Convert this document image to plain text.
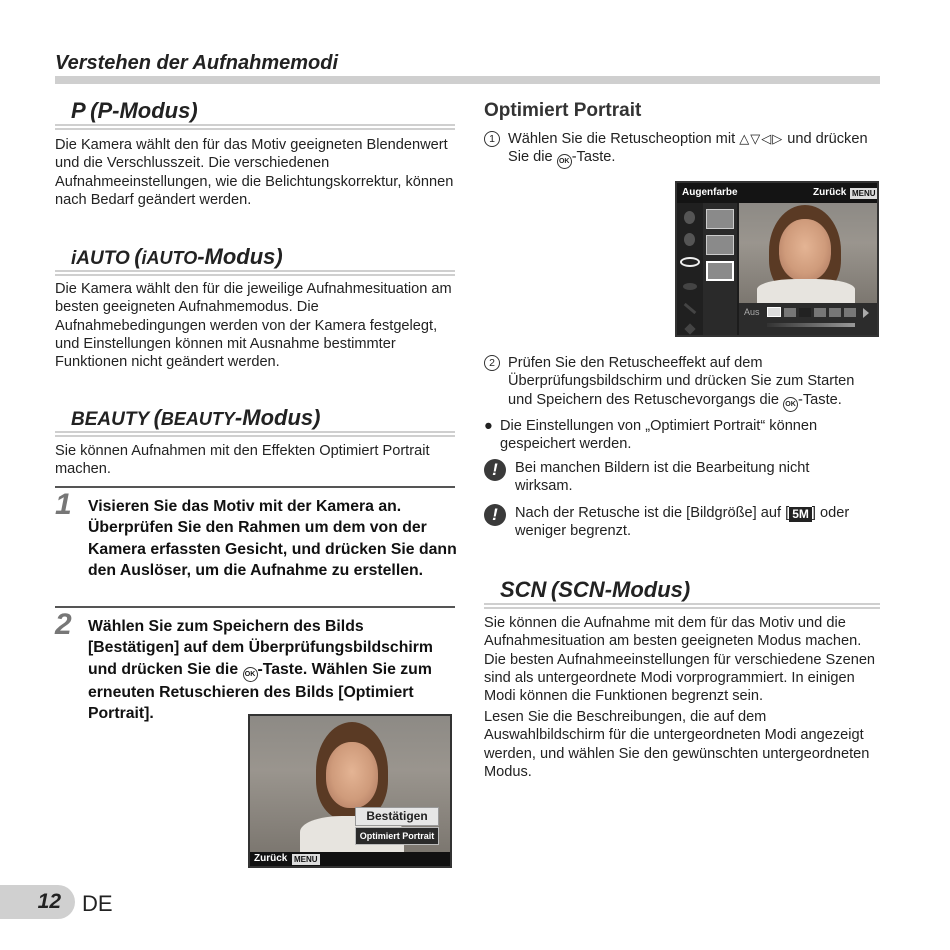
Verstehen der Aufnahmemodi
P (P-Modus)
Die Kamera wählt den für das Motiv geeigneten Blendenwert und die Verschlusszeit. Die verschiedenen Aufnahmeeinstellungen, wie die Belichtungskorrektur, können nach Bedarf geändert werden.
iAUTO (iAUTO-Modus)
Die Kamera wählt den für die jeweilige Aufnahmesituation am besten geeigneten Aufnahmemodus. Die Aufnahmebedingungen werden von der Kamera festgelegt, und Einstellungen können mit Ausnahme bestimmter Funktionen nicht geändert werden.
BEAUTY (BEAUTY-Modus)
Sie können Aufnahmen mit den Effekten Optimiert Portrait machen.
1 Visieren Sie das Motiv mit der Kamera an. Überprüfen Sie den Rahmen um dem von der Kamera erfassten Gesicht, und drücken Sie dann den Auslöser, um die Aufnahme zu erstellen.
2 Wählen Sie zum Speichern des Bilds [Bestätigen] auf dem Überprüfungsbildschirm und drücken Sie die OK -Taste. Wählen Sie zum erneuten Retuschieren des Bilds [Optimiert Portrait].
Bestätigen
Optimiert Portrait
Zurück MENU
Optimiert Portrait
1 Wählen Sie die Retuscheoption mit △▽◁▷ und drücken Sie die OK -Taste.
Augenfarbe	Zurück MENU
Aus
2 Prüfen Sie den Retuscheeffekt auf dem Überprüfungsbildschirm und drücken Sie zum Starten und Speichern des Retuschevorgangs die OK -Taste.
● Die Einstellungen von „Optimiert Portrait“ können gespeichert werden.
!	Bei manchen Bildern ist die Bearbeitung nicht wirksam.
!	Nach der Retusche ist die [Bildgröße] auf [ 5M ] oder weniger begrenzt.
SCN (SCN-Modus)
Sie können die Aufnahme mit dem für das Motiv und die Aufnahmesituation am besten geeigneten Modus machen. Die besten Aufnahmeeinstellungen für verschiedene Szenen sind als untergeordnete Modi vorprogrammiert. In einigen Modi können die Funktionen begrenzt sein.
Lesen Sie die Beschreibungen, die auf dem Auswahlbildschirm für die untergeordneten Modi angezeigt werden, und wählen Sie den gewünschten untergeordneten Modus.
12 DE
